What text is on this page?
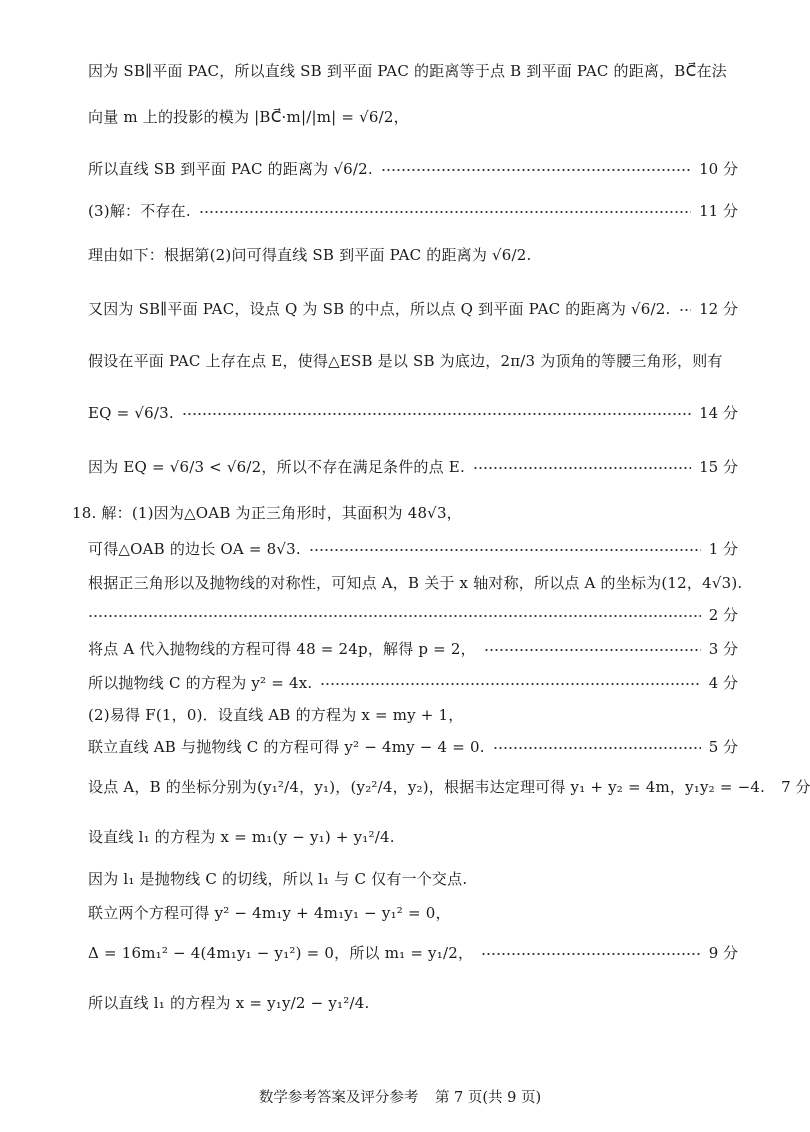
因为 SB∥平面 PAC，所以直线 SB 到平面 PAC 的距离等于点 B 到平面 PAC 的距离，BC⃗在法
向量 m 上的投影的模为 |BC⃗·m|/|m| = √6/2，
所以直线 SB 到平面 PAC 的距离为 √6/2.	10 分
(3)解：不存在.	11 分
理由如下：根据第(2)问可得直线 SB 到平面 PAC 的距离为 √6/2.
又因为 SB∥平面 PAC，设点 Q 为 SB 的中点，所以点 Q 到平面 PAC 的距离为 √6/2. 12 分
假设在平面 PAC 上存在点 E，使得△ESB 是以 SB 为底边，2π/3 为顶角的等腰三角形，则有
EQ = √6/3.	14 分
因为 EQ = √6/3 < √6/2，所以不存在满足条件的点 E.	15 分
18. 解：(1)因为△OAB 为正三角形时，其面积为 48√3，
可得△OAB 的边长 OA = 8√3.	1 分
根据正三角形以及抛物线的对称性，可知点 A，B 关于 x 轴对称，所以点 A 的坐标为(12，4√3).
2 分
将点 A 代入抛物线的方程可得 48 = 24p，解得 p = 2，	3 分
所以抛物线 C 的方程为 y² = 4x.	4 分
(2)易得 F(1，0)．设直线 AB 的方程为 x = my + 1，
联立直线 AB 与抛物线 C 的方程可得 y² − 4my − 4 = 0.	5 分
设点 A，B 的坐标分别为(y₁²/4，y₁)，(y₂²/4，y₂)，根据韦达定理可得 y₁ + y₂ = 4m，y₁y₂ = −4. 7 分
设直线 l₁ 的方程为 x = m₁(y − y₁) + y₁²/4.
因为 l₁ 是抛物线 C 的切线，所以 l₁ 与 C 仅有一个交点.
联立两个方程可得 y² − 4m₁y + 4m₁y₁ − y₁² = 0，
Δ = 16m₁² − 4(4m₁y₁ − y₁²) = 0，所以 m₁ = y₁/2，	9 分
所以直线 l₁ 的方程为 x = y₁y/2 − y₁²/4.
数学参考答案及评分参考 第 7 页(共 9 页)
